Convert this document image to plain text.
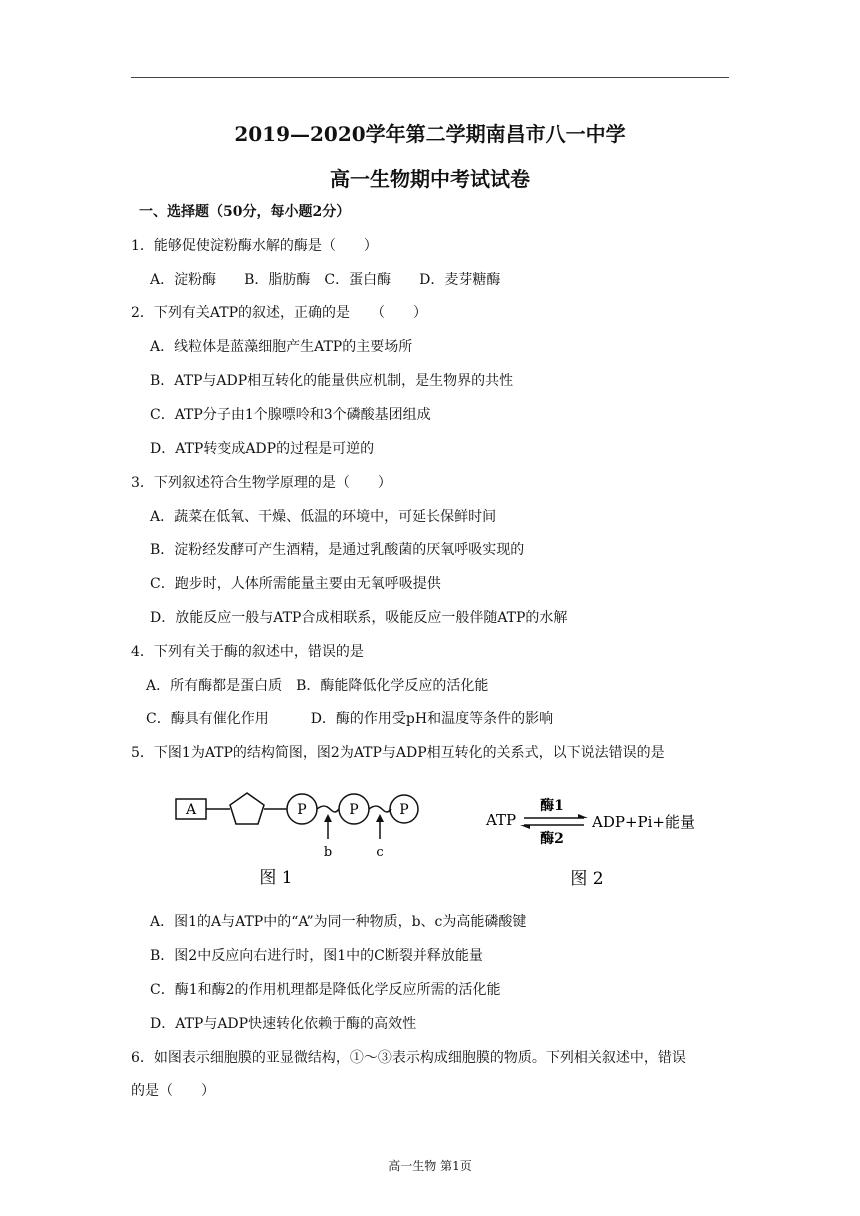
2019—2020学年第二学期南昌市八一中学
高一生物期中考试试卷
一、选择题（50分，每小题2分）
1．能够促使淀粉酶水解的酶是（　　）
A．淀粉酶　　B．脂肪酶　C．蛋白酶　　D．麦芽糖酶
2．下列有关ATP的叙述，正确的是　　（　　）
A．线粒体是蓝藻细胞产生ATP的主要场所
B．ATP与ADP相互转化的能量供应机制，是生物界的共性
C．ATP分子由1个腺嘌呤和3个磷酸基团组成
D．ATP转变成ADP的过程是可逆的
3．下列叙述符合生物学原理的是（　　）
A．蔬菜在低氧、干燥、低温的环境中，可延长保鲜时间
B．淀粉经发酵可产生酒精，是通过乳酸菌的厌氧呼吸实现的
C．跑步时，人体所需能量主要由无氧呼吸提供
D．放能反应一般与ATP合成相联系，吸能反应一般伴随ATP的水解
4．下列有关于酶的叙述中，错误的是
A．所有酶都是蛋白质　B．酶能降低化学反应的活化能
C．酶具有催化作用　　　D．酶的作用受pH和温度等条件的影响
5．下图1为ATP的结构简图，图2为ATP与ADP相互转化的关系式，以下说法错误的是
A	P	P	P
b	c
图 1
ATP
酶1
酶2
ADP+Pi+能量
图 2
A．图1的A与ATP中的“A”为同一种物质，b、c为高能磷酸键
B．图2中反应向右进行时，图1中的C断裂并释放能量
C．酶1和酶2的作用机理都是降低化学反应所需的活化能
D．ATP与ADP快速转化依赖于酶的高效性
6．如图表示细胞膜的亚显微结构，①～③表示构成细胞膜的物质。下列相关叙述中，错误
的是（　　）
高一生物 第1页
